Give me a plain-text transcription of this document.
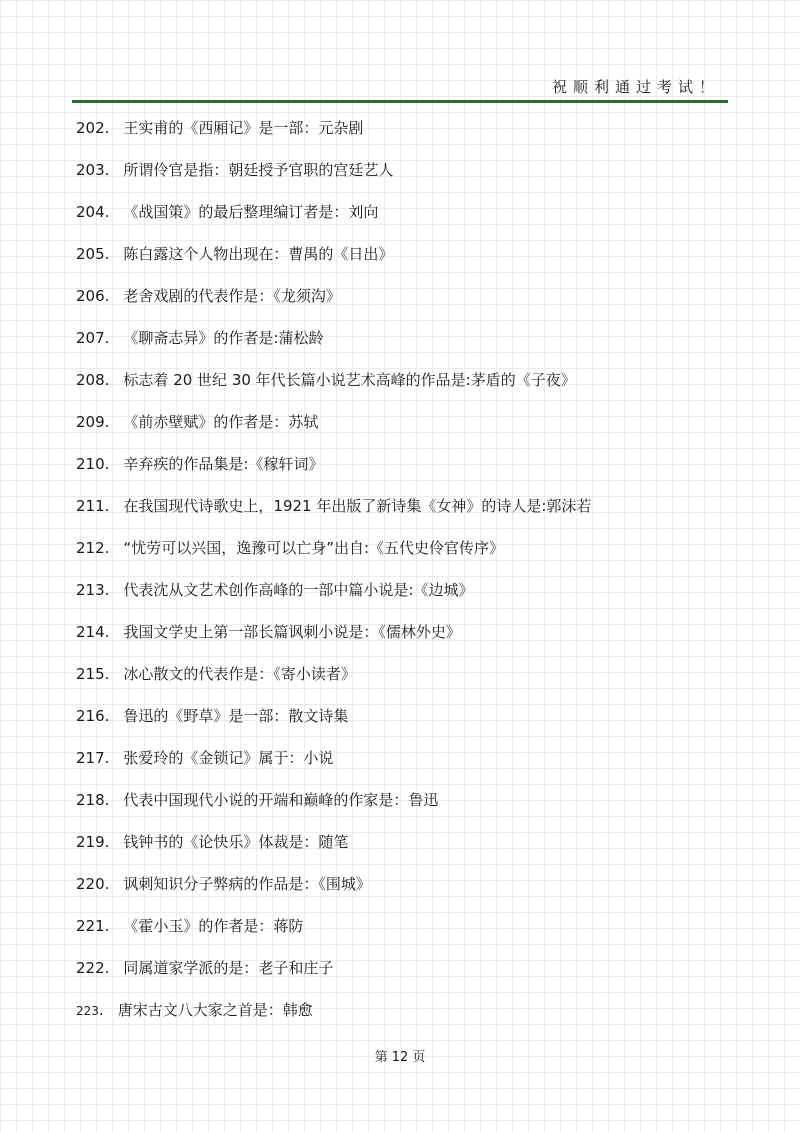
祝顺利通过考试！
202. 王实甫的《西厢记》是一部：元杂剧
203. 所谓伶官是指：朝廷授予官职的宫廷艺人
204. 《战国策》的最后整理编订者是：刘向
205. 陈白露这个人物出现在：曹禺的《日出》
206. 老舍戏剧的代表作是：《龙须沟》
207. 《聊斋志异》的作者是:蒲松龄
208. 标志着 20 世纪 30 年代长篇小说艺术高峰的作品是:茅盾的《子夜》
209. 《前赤壁赋》的作者是：苏轼
210. 辛弃疾的作品集是:《稼轩词》
211. 在我国现代诗歌史上，1921 年出版了新诗集《女神》的诗人是:郭沫若
212. “忧劳可以兴国，逸豫可以亡身”出自:《五代史伶官传序》
213. 代表沈从文艺术创作高峰的一部中篇小说是:《边城》
214. 我国文学史上第一部长篇讽刺小说是：《儒林外史》
215. 冰心散文的代表作是：《寄小读者》
216. 鲁迅的《野草》是一部：散文诗集
217. 张爱玲的《金锁记》属于：小说
218. 代表中国现代小说的开端和巅峰的作家是：鲁迅
219. 钱钟书的《论快乐》体裁是：随笔
220. 讽刺知识分子弊病的作品是：《围城》
221. 《霍小玉》的作者是：蒋防
222. 同属道家学派的是：老子和庄子
223. 唐宋古文八大家之首是：韩愈
第 12 页
